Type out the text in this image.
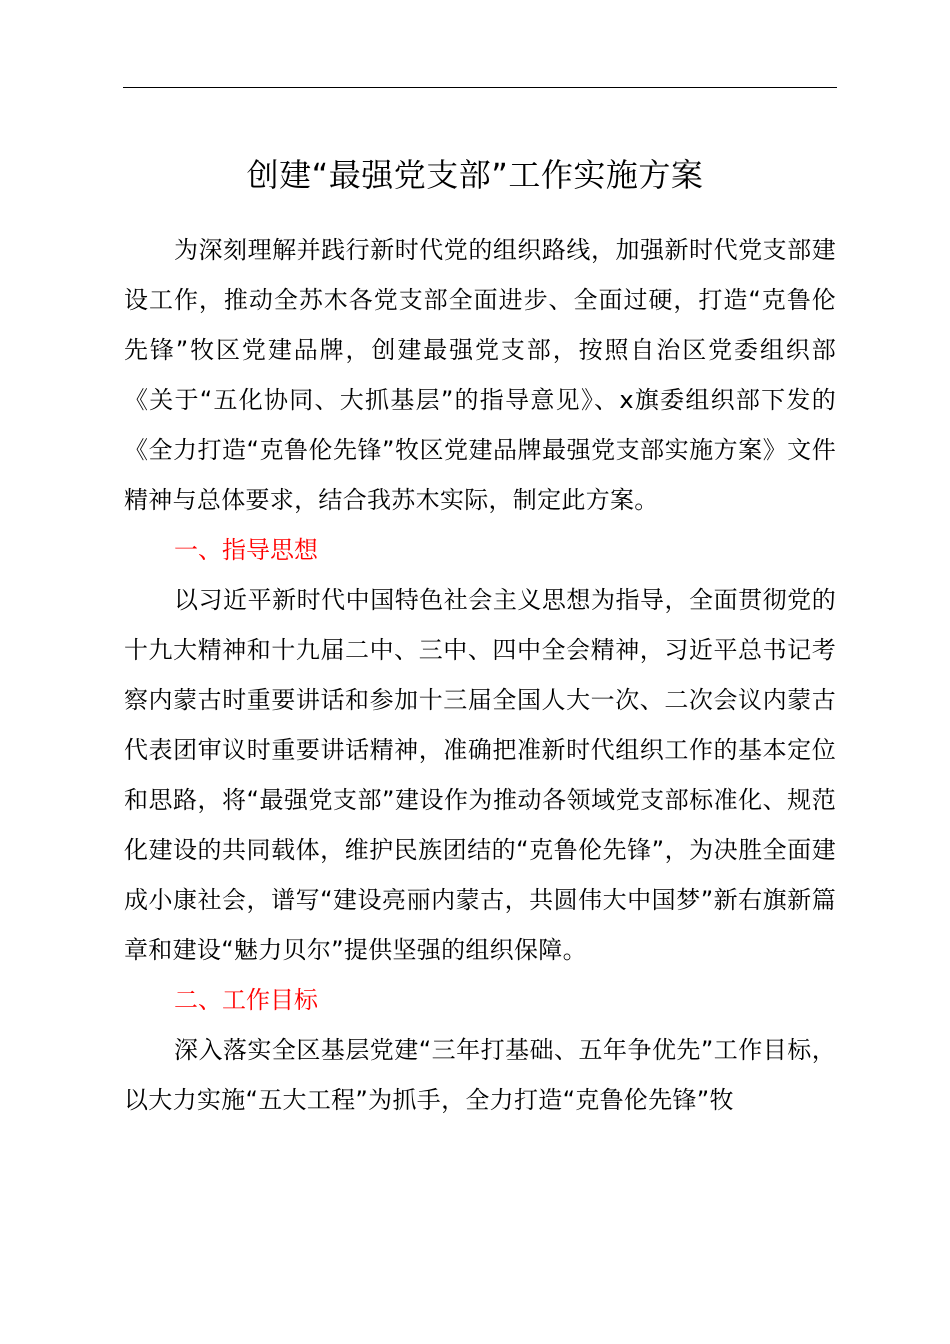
创建“最强党支部”工作实施方案

为深刻理解并践行新时代党的组织路线，加强新时代党支部建设工作，推动全苏木各党支部全面进步、全面过硬，打造“克鲁伦先锋”牧区党建品牌，创建最强党支部，按照自治区党委组织部《关于“五化协同、大抓基层”的指导意见》、x旗委组织部下发的《全力打造“克鲁伦先锋”牧区党建品牌最强党支部实施方案》文件精神与总体要求，结合我苏木实际，制定此方案。

一、指导思想

以习近平新时代中国特色社会主义思想为指导，全面贯彻党的十九大精神和十九届二中、三中、四中全会精神，习近平总书记考察内蒙古时重要讲话和参加十三届全国人大一次、二次会议内蒙古代表团审议时重要讲话精神，准确把准新时代组织工作的基本定位和思路，将“最强党支部”建设作为推动各领域党支部标准化、规范化建设的共同载体，维护民族团结的“克鲁伦先锋”，为决胜全面建成小康社会，谱写“建设亮丽内蒙古，共圆伟大中国梦”新右旗新篇章和建设“魅力贝尔”提供坚强的组织保障。

二、工作目标

深入落实全区基层党建“三年打基础、五年争优先”工作目标，以大力实施“五大工程”为抓手，全力打造“克鲁伦先锋”牧
